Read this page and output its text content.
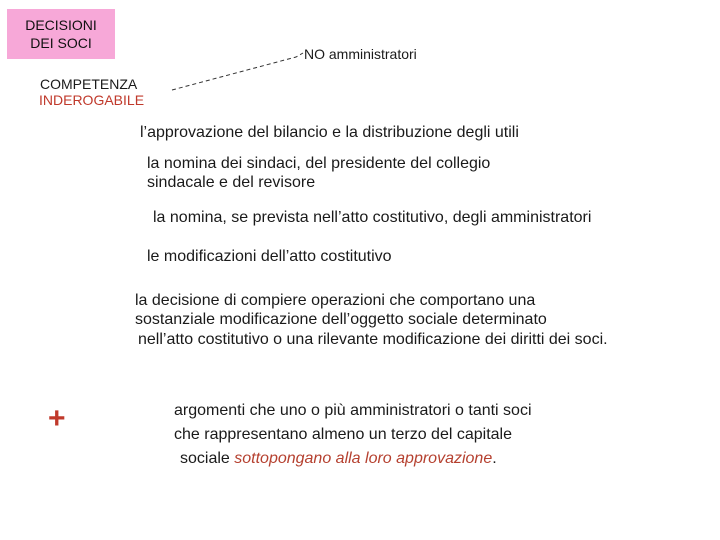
DECISIONI
DEI SOCI
NO amministratori
COMPETENZA
INDEROGABILE
l’approvazione del bilancio e la distribuzione degli utili
la nomina dei sindaci, del presidente del collegio
sindacale e del revisore
la nomina, se prevista nell’atto costitutivo, degli amministratori
le modificazioni dell’atto costitutivo
la decisione di compiere operazioni che comportano una
sostanziale modificazione dell’oggetto sociale determinato
nell’atto costitutivo o una rilevante modificazione dei diritti dei soci.
+	argomenti che uno o più amministratori o tanti soci
che rappresentano almeno un terzo del capitale
sociale sottopongano alla loro approvazione.
